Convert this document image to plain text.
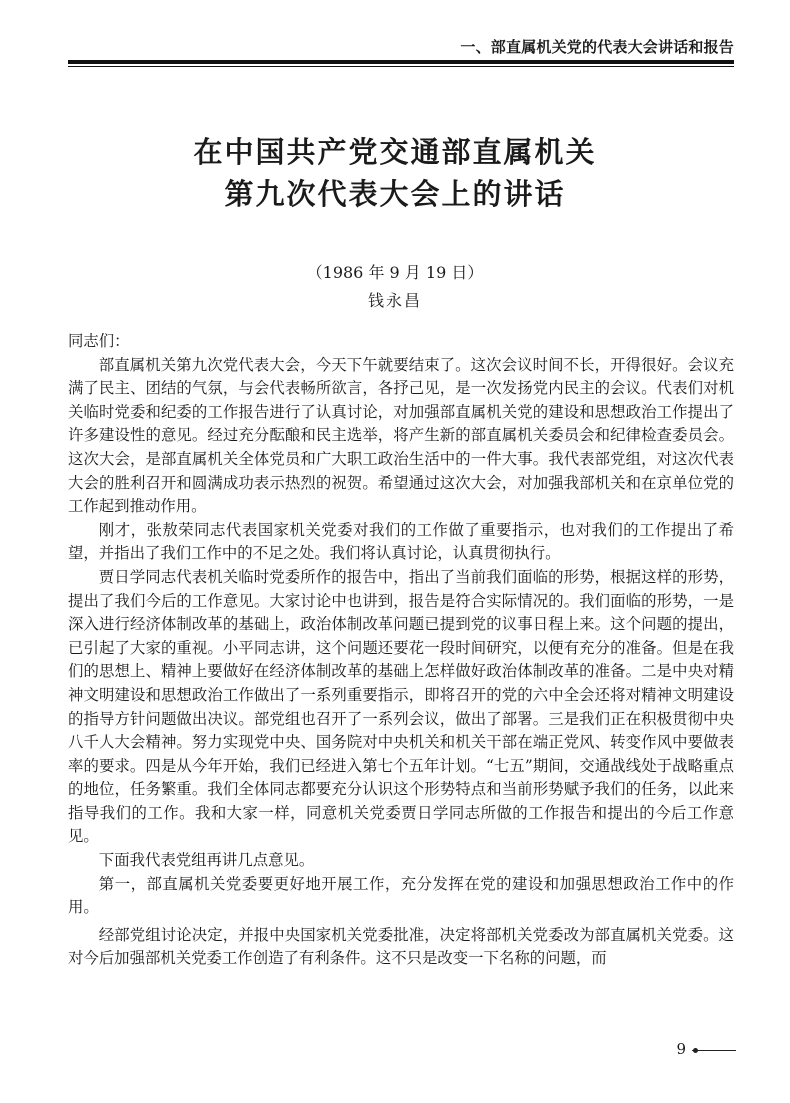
一、部直属机关党的代表大会讲话和报告
在中国共产党交通部直属机关
第九次代表大会上的讲话
（1986 年 9 月 19 日）
钱永昌

同志们：

部直属机关第九次党代表大会，今天下午就要结束了。这次会议时间不长，开得很好。会议充满了民主、团结的气氛，与会代表畅所欲言，各抒己见，是一次发扬党内民主的会议。代表们对机关临时党委和纪委的工作报告进行了认真讨论，对加强部直属机关党的建设和思想政治工作提出了许多建设性的意见。经过充分酝酿和民主选举，将产生新的部直属机关委员会和纪律检查委员会。这次大会，是部直属机关全体党员和广大职工政治生活中的一件大事。我代表部党组，对这次代表大会的胜利召开和圆满成功表示热烈的祝贺。希望通过这次大会，对加强我部机关和在京单位党的工作起到推动作用。

刚才，张敖荣同志代表国家机关党委对我们的工作做了重要指示，也对我们的工作提出了希望，并指出了我们工作中的不足之处。我们将认真讨论，认真贯彻执行。

贾日学同志代表机关临时党委所作的报告中，指出了当前我们面临的形势，根据这样的形势，提出了我们今后的工作意见。大家讨论中也讲到，报告是符合实际情况的。我们面临的形势，一是深入进行经济体制改革的基础上，政治体制改革问题已提到党的议事日程上来。这个问题的提出，已引起了大家的重视。小平同志讲，这个问题还要花一段时间研究，以便有充分的准备。但是在我们的思想上、精神上要做好在经济体制改革的基础上怎样做好政治体制改革的准备。二是中央对精神文明建设和思想政治工作做出了一系列重要指示，即将召开的党的六中全会还将对精神文明建设的指导方针问题做出决议。部党组也召开了一系列会议，做出了部署。三是我们正在积极贯彻中央八千人大会精神。努力实现党中央、国务院对中央机关和机关干部在端正党风、转变作风中要做表率的要求。四是从今年开始，我们已经进入第七个五年计划。“七五”期间，交通战线处于战略重点的地位，任务繁重。我们全体同志都要充分认识这个形势特点和当前形势赋予我们的任务，以此来指导我们的工作。我和大家一样，同意机关党委贾日学同志所做的工作报告和提出的今后工作意见。

下面我代表党组再讲几点意见。

第一，部直属机关党委要更好地开展工作，充分发挥在党的建设和加强思想政治工作中的作用。

经部党组讨论决定，并报中央国家机关党委批准，决定将部机关党委改为部直属机关党委。这对今后加强部机关党委工作创造了有利条件。这不只是改变一下名称的问题，而

9
